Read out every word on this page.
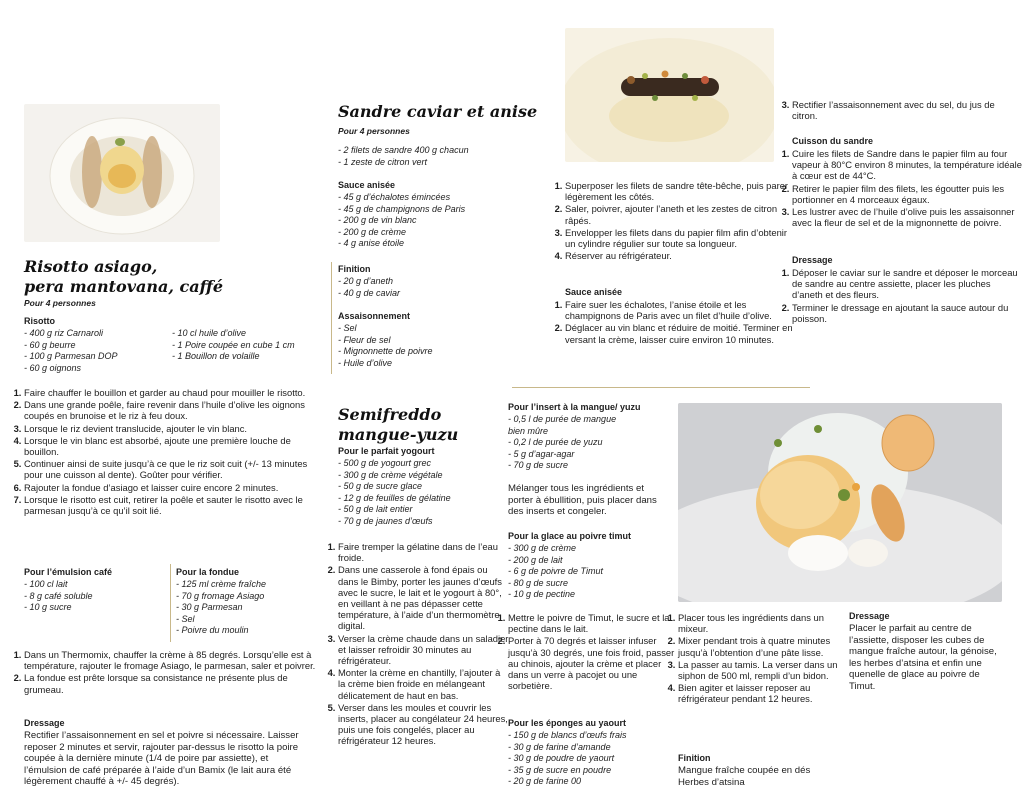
Risotto asiago,
pera mantovana, caffé
Pour 4 personnes
Risotto
- 400 g riz Carnaroli
- 60 g beurre
- 100 g Parmesan DOP
- 60 g oignons
- 10 cl huile d’olive
- 1 Poire coupée en cube 1 cm
- 1 Bouillon de volaille
1. Faire chauffer le bouillon et garder au chaud pour mouiller le risotto.
2. Dans une grande poêle, faire revenir dans l’huile d’olive les oignons coupés en brunoise et le riz à feu doux.
3. Lorsque le riz devient translucide, ajouter le vin blanc.
4. Lorsque le vin blanc est absorbé, ajoute une première louche de bouillon.
5. Continuer ainsi de suite jusqu’à ce que le riz soit cuit (+/- 13 minutes pour une cuisson al dente). Goûter pour vérifier.
6. Rajouter la fondue d’asiago et laisser cuire encore 2 minutes.
7. Lorsque le risotto est cuit, retirer la poêle et sauter le risotto avec le parmesan jusqu’à ce qu’il soit lié.
Pour l’émulsion café
- 100 cl lait
- 8 g café soluble
- 10 g sucre
Pour la fondue
- 125 ml crème fraîche
- 70 g fromage Asiago
- 30 g Parmesan
- Sel
- Poivre du moulin
1. Dans un Thermomix, chauffer la crème à 85 degrés. Lorsqu’elle est à température, rajouter le fromage Asiago, le parmesan, saler et poivrer.
2. La fondue est prête lorsque sa consistance ne présente plus de grumeau.
Dressage
Rectifier l’assaisonnement en sel et poivre si nécessaire. Laisser reposer 2 minutes et servir, rajouter par-dessus le risotto la poire coupée à la dernière minute (1/4 de poire par assiette), et l’émulsion de café préparée à l’aide d’un Bamix (le lait aura été légèrement chauffé à +/- 45 degrés).
Sandre caviar et anise
Pour 4 personnes
- 2 filets de sandre 400 g chacun
- 1 zeste de citron vert
Sauce anisée
- 45 g d’échalotes émincées
- 45 g de champignons de Paris
- 200 g de vin blanc
- 200 g de crème
- 4 g anise étoile
Finition
- 20 g d’aneth
- 40 g de caviar
Assaisonnement
- Sel
- Fleur de sel
- Mignonnette de poivre
- Huile d’olive
1. Superposer les filets de sandre tête-bêche, puis parer légèrement les côtés.
2. Saler, poivrer, ajouter l’aneth et les zestes de citron râpés.
3. Envelopper les filets dans du papier film afin d’obtenir un cylindre régulier sur toute sa longueur.
4. Réserver au réfrigérateur.
Sauce anisée
1. Faire suer les échalotes, l’anise étoile et les champignons de Paris avec un filet d’huile d’olive.
2. Déglacer au vin blanc et réduire de moitié. Terminer en versant la crème, laisser cuire environ 10 minutes.
3. Rectifier l’assaisonnement avec du sel, du jus de citron.
Cuisson du sandre
1. Cuire les filets de Sandre dans le papier film au four vapeur à 80°C environ 8 minutes, la température idéale à cœur est de 44°C.
2. Retirer le papier film des filets, les égoutter puis les portionner en 4 morceaux égaux.
3. Les lustrer avec de l’huile d’olive puis les assaisonner avec la fleur de sel et de la mignonnette de poivre.
Dressage
1. Déposer le caviar sur le sandre et déposer le morceau de sandre au centre assiette, placer les pluches d’aneth et des fleurs.
2. Terminer le dressage en ajoutant la sauce autour du poisson.
Semifreddo
mangue-yuzu
Pour le parfait yogourt
- 500 g de yogourt grec
- 300 g de crème végétale
- 50 g de sucre glace
- 12 g de feuilles de gélatine
- 50 g de lait entier
- 70 g de jaunes d’œufs
1. Faire tremper la gélatine dans de l’eau froide.
2. Dans une casserole à fond épais ou dans le Bimby, porter les jaunes d’œufs avec le sucre, le lait et le yogourt à 80°, en veillant à ne pas dépasser cette température, à l’aide d’un thermomètre digital.
3. Verser la crème chaude dans un saladier et laisser refroidir 30 minutes au réfrigérateur.
4. Monter la crème en chantilly, l’ajouter à la crème bien froide en mélangeant délicatement de haut en bas.
5. Verser dans les moules et couvrir les inserts, placer au congélateur 24 heures, puis une fois congelés, placer au réfrigérateur 12 heures.
Pour l’insert à la mangue/ yuzu
- 0,5 l de purée de mangue
bien mûre
- 0,2 l de purée de yuzu
- 5 g d’agar-agar
- 70 g de sucre
Mélanger tous les ingrédients et porter à ébullition, puis placer dans des inserts et congeler.
Pour la glace au poivre timut
- 300 g de crème
- 200 g de lait
- 6 g de poivre de Timut
- 80 g de sucre
- 10 g de pectine
1. Mettre le poivre de Timut, le sucre et la pectine dans le lait.
2. Porter à 70 degrés et laisser infuser jusqu’à 30 degrés, une fois froid, passer au chinois, ajouter la crème et placer dans un verre à pacojet ou une sorbetière.
Pour les éponges au yaourt
- 150 g de blancs d’œufs frais
- 30 g de farine d’amande
- 30 g de poudre de yaourt
- 35 g de sucre en poudre
- 20 g de farine 00
1. Placer tous les ingrédients dans un mixeur.
2. Mixer pendant trois à quatre minutes jusqu’à l’obtention d’une pâte lisse.
3. La passer au tamis. La verser dans un siphon de 500 ml, rempli d’un bidon.
4. Bien agiter et laisser reposer au réfrigérateur pendant 12 heures.
Finition
Mangue fraîche coupée en dés
Herbes d’atsina
Dressage
Placer le parfait au centre de l’assiette, disposer les cubes de mangue fraîche autour, la génoise, les herbes d’atsina et enfin une quenelle de glace au poivre de Timut.
